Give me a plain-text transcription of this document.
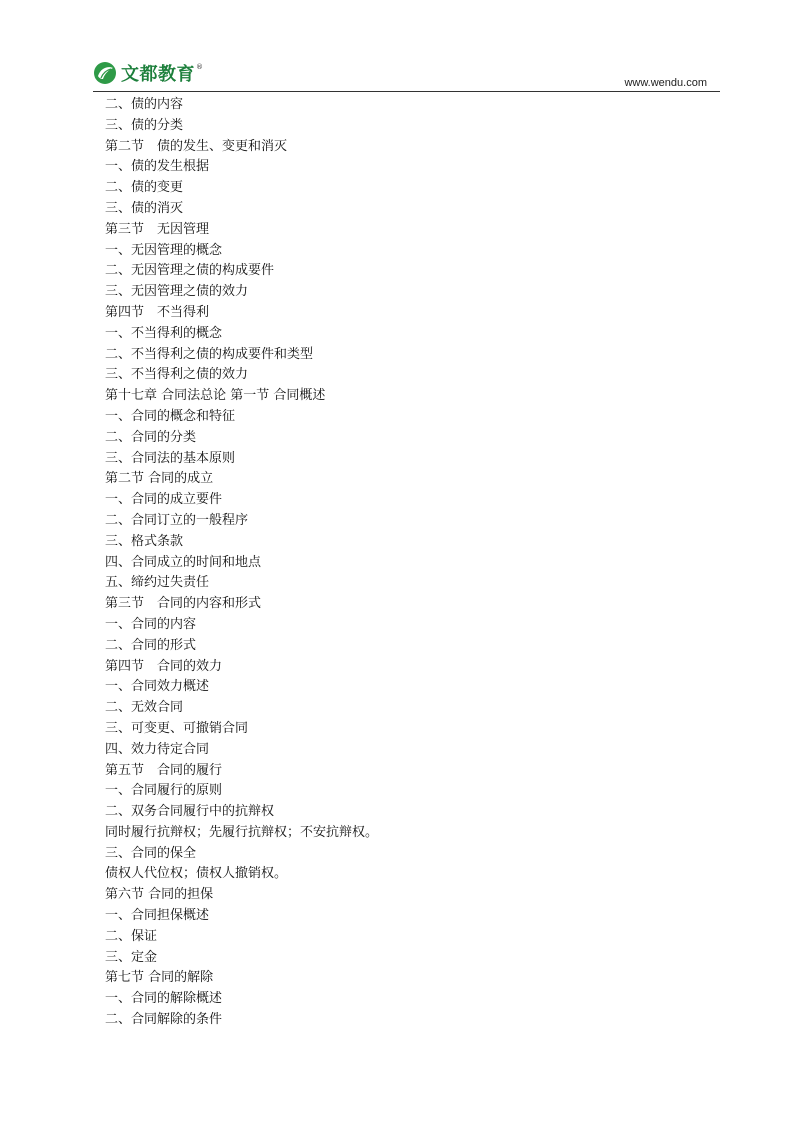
文都教育 ®
www.wendu.com
二、债的内容
三、债的分类
第二节　债的发生、变更和消灭
一、债的发生根据
二、债的变更
三、债的消灭
第三节　无因管理
一、无因管理的概念
二、无因管理之债的构成要件
三、无因管理之债的效力
第四节　不当得利
一、不当得利的概念
二、不当得利之债的构成要件和类型
三、不当得利之债的效力
第十七章 合同法总论 第一节 合同概述
一、合同的概念和特征
二、合同的分类
三、合同法的基本原则
第二节 合同的成立
一、合同的成立要件
二、合同订立的一般程序
三、格式条款
四、合同成立的时间和地点
五、缔约过失责任
第三节　合同的内容和形式
一、合同的内容
二、合同的形式
第四节　合同的效力
一、合同效力概述
二、无效合同
三、可变更、可撤销合同
四、效力待定合同
第五节　合同的履行
一、合同履行的原则
二、双务合同履行中的抗辩权
同时履行抗辩权；先履行抗辩权；不安抗辩权。
三、合同的保全
债权人代位权；债权人撤销权。
第六节 合同的担保
一、合同担保概述
二、保证
三、定金
第七节 合同的解除
一、合同的解除概述
二、合同解除的条件
